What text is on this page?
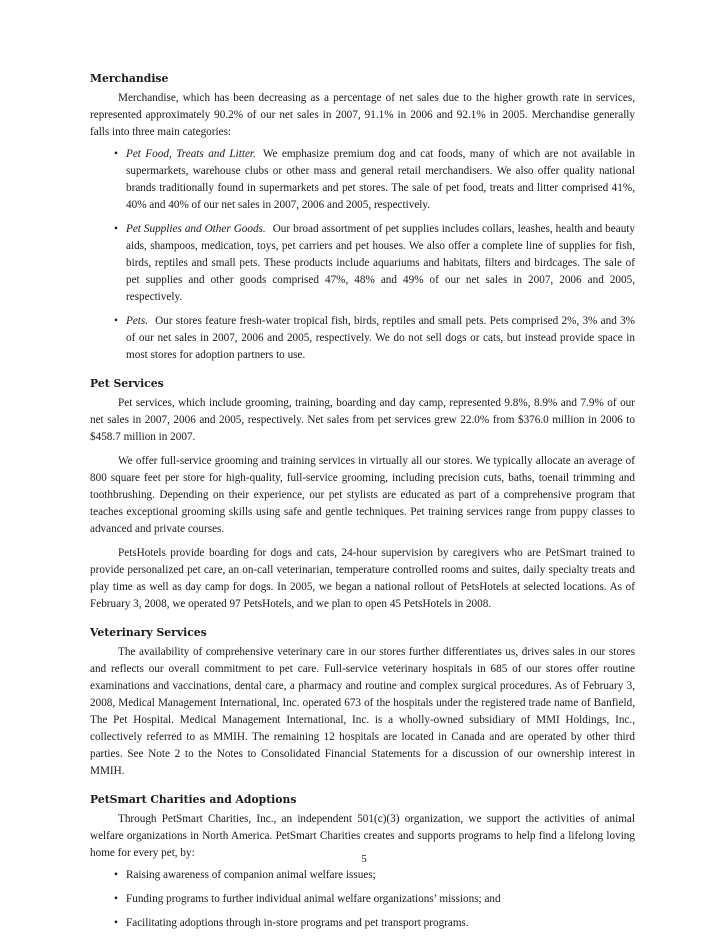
Merchandise

Merchandise, which has been decreasing as a percentage of net sales due to the higher growth rate in services, represented approximately 90.2% of our net sales in 2007, 91.1% in 2006 and 92.1% in 2005. Merchandise generally falls into three main categories:

• Pet Food, Treats and Litter. We emphasize premium dog and cat foods, many of which are not available in supermarkets, warehouse clubs or other mass and general retail merchandisers. We also offer quality national brands traditionally found in supermarkets and pet stores. The sale of pet food, treats and litter comprised 41%, 40% and 40% of our net sales in 2007, 2006 and 2005, respectively.
• Pet Supplies and Other Goods. Our broad assortment of pet supplies includes collars, leashes, health and beauty aids, shampoos, medication, toys, pet carriers and pet houses. We also offer a complete line of supplies for fish, birds, reptiles and small pets. These products include aquariums and habitats, filters and birdcages. The sale of pet supplies and other goods comprised 47%, 48% and 49% of our net sales in 2007, 2006 and 2005, respectively.
• Pets. Our stores feature fresh-water tropical fish, birds, reptiles and small pets. Pets comprised 2%, 3% and 3% of our net sales in 2007, 2006 and 2005, respectively. We do not sell dogs or cats, but instead provide space in most stores for adoption partners to use.
Pet Services

Pet services, which include grooming, training, boarding and day camp, represented 9.8%, 8.9% and 7.9% of our net sales in 2007, 2006 and 2005, respectively. Net sales from pet services grew 22.0% from $376.0 million in 2006 to $458.7 million in 2007.

We offer full-service grooming and training services in virtually all our stores. We typically allocate an average of 800 square feet per store for high-quality, full-service grooming, including precision cuts, baths, toenail trimming and toothbrushing. Depending on their experience, our pet stylists are educated as part of a comprehensive program that teaches exceptional grooming skills using safe and gentle techniques. Pet training services range from puppy classes to advanced and private courses.

PetsHotels provide boarding for dogs and cats, 24-hour supervision by caregivers who are PetSmart trained to provide personalized pet care, an on-call veterinarian, temperature controlled rooms and suites, daily specialty treats and play time as well as day camp for dogs. In 2005, we began a national rollout of PetsHotels at selected locations. As of February 3, 2008, we operated 97 PetsHotels, and we plan to open 45 PetsHotels in 2008.

Veterinary Services

The availability of comprehensive veterinary care in our stores further differentiates us, drives sales in our stores and reflects our overall commitment to pet care. Full-service veterinary hospitals in 685 of our stores offer routine examinations and vaccinations, dental care, a pharmacy and routine and complex surgical procedures. As of February 3, 2008, Medical Management International, Inc. operated 673 of the hospitals under the registered trade name of Banfield, The Pet Hospital. Medical Management International, Inc. is a wholly-owned subsidiary of MMI Holdings, Inc., collectively referred to as MMIH. The remaining 12 hospitals are located in Canada and are operated by other third parties. See Note 2 to the Notes to Consolidated Financial Statements for a discussion of our ownership interest in MMIH.

PetSmart Charities and Adoptions

Through PetSmart Charities, Inc., an independent 501(c)(3) organization, we support the activities of animal welfare organizations in North America. PetSmart Charities creates and supports programs to help find a lifelong loving home for every pet, by:

• Raising awareness of companion animal welfare issues;
• Funding programs to further individual animal welfare organizations’ missions; and
• Facilitating adoptions through in-store programs and pet transport programs.
5
